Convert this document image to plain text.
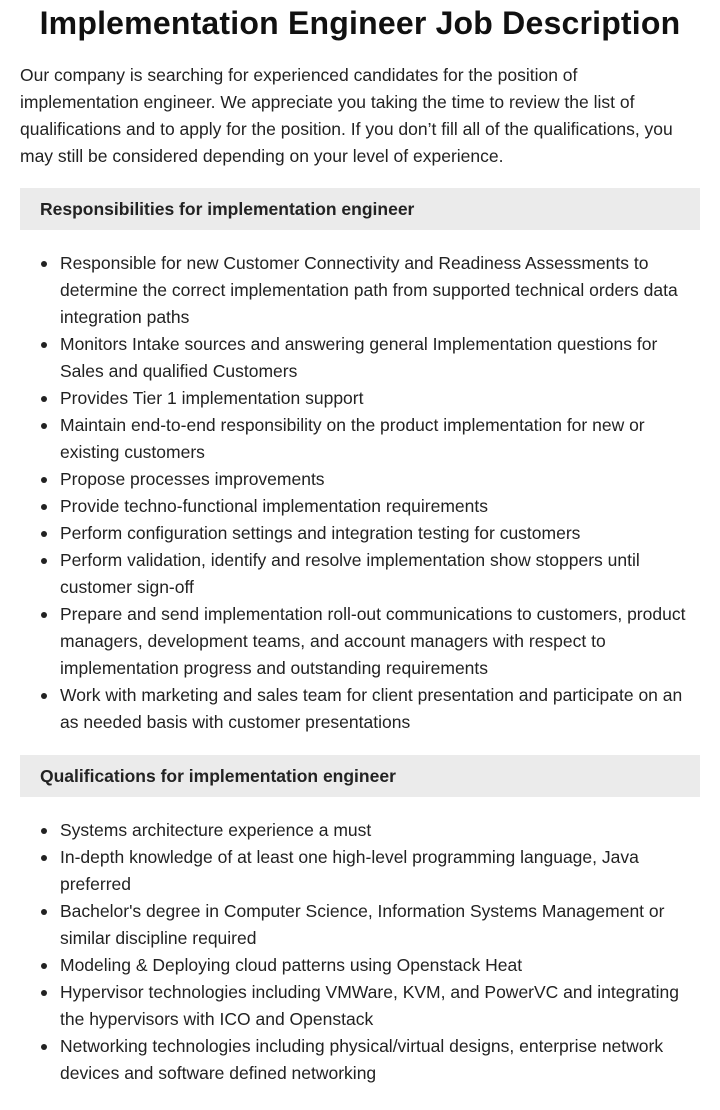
Implementation Engineer Job Description

Our company is searching for experienced candidates for the position of implementation engineer. We appreciate you taking the time to review the list of qualifications and to apply for the position. If you don’t fill all of the qualifications, you may still be considered depending on your level of experience.

Responsibilities for implementation engineer
Responsible for new Customer Connectivity and Readiness Assessments to determine the correct implementation path from supported technical orders data integration paths
Monitors Intake sources and answering general Implementation questions for Sales and qualified Customers
Provides Tier 1 implementation support
Maintain end-to-end responsibility on the product implementation for new or existing customers
Propose processes improvements
Provide techno-functional implementation requirements
Perform configuration settings and integration testing for customers
Perform validation, identify and resolve implementation show stoppers until customer sign-off
Prepare and send implementation roll-out communications to customers, product managers, development teams, and account managers with respect to implementation progress and outstanding requirements
Work with marketing and sales team for client presentation and participate on an as needed basis with customer presentations
Qualifications for implementation engineer
Systems architecture experience a must
In-depth knowledge of at least one high-level programming language, Java preferred
Bachelor's degree in Computer Science, Information Systems Management or similar discipline required
Modeling & Deploying cloud patterns using Openstack Heat
Hypervisor technologies including VMWare, KVM, and PowerVC and integrating the hypervisors with ICO and Openstack
Networking technologies including physical/virtual designs, enterprise network devices and software defined networking
